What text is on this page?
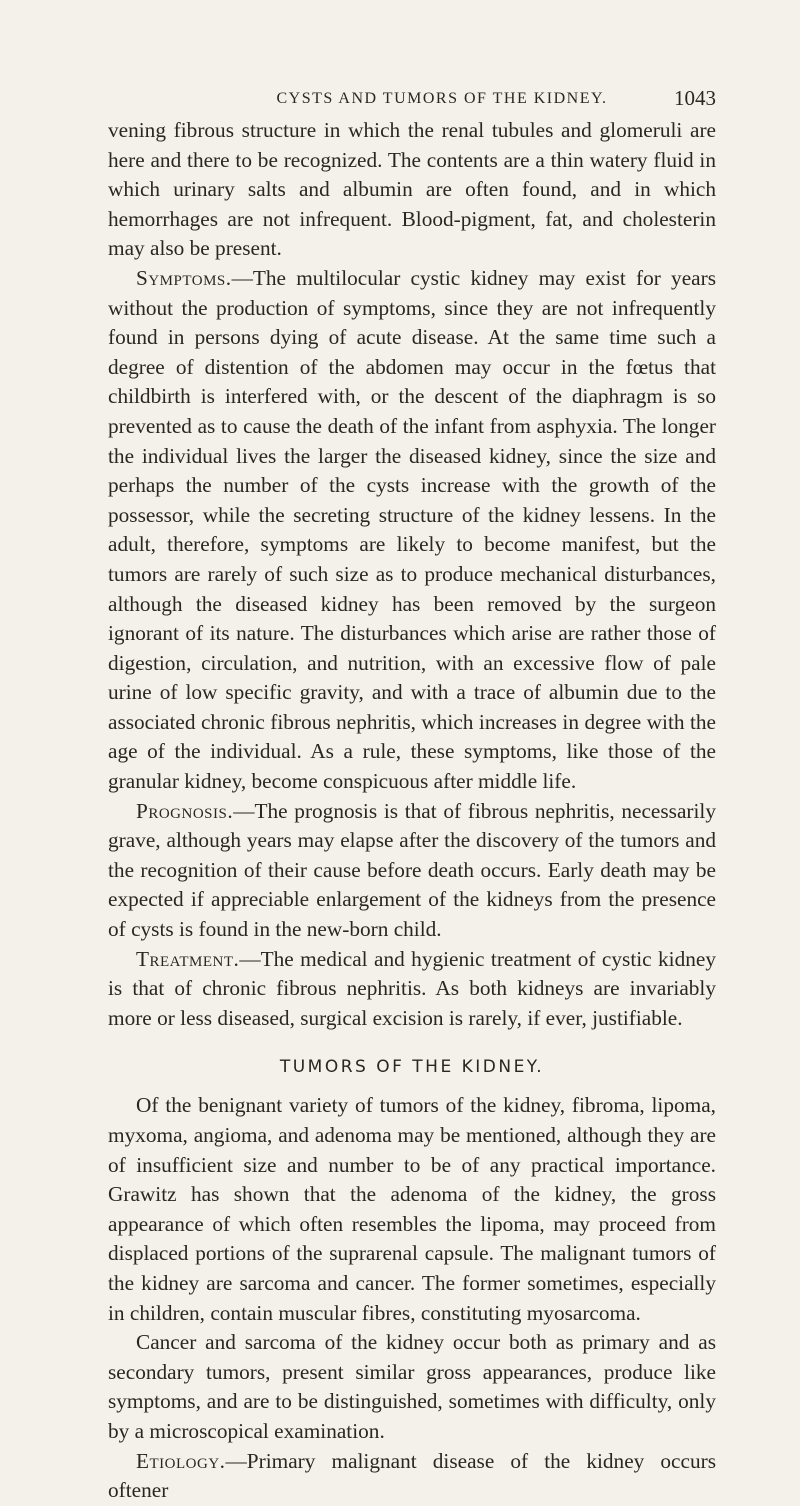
CYSTS AND TUMORS OF THE KIDNEY.	1043

vening fibrous structure in which the renal tubules and glomeruli are here and there to be recognized. The contents are a thin watery fluid in which urinary salts and albumin are often found, and in which hemorrhages are not infrequent. Blood-pigment, fat, and cholesterin may also be present.

Symptoms.—The multilocular cystic kidney may exist for years without the production of symptoms, since they are not infrequently found in persons dying of acute disease. At the same time such a degree of distention of the abdomen may occur in the fœtus that childbirth is interfered with, or the descent of the diaphragm is so prevented as to cause the death of the infant from asphyxia. The longer the individual lives the larger the diseased kidney, since the size and perhaps the number of the cysts increase with the growth of the possessor, while the secreting structure of the kidney lessens. In the adult, therefore, symptoms are likely to become manifest, but the tumors are rarely of such size as to produce mechanical disturbances, although the diseased kidney has been removed by the surgeon ignorant of its nature. The disturbances which arise are rather those of digestion, circulation, and nutrition, with an excessive flow of pale urine of low specific gravity, and with a trace of albumin due to the associated chronic fibrous nephritis, which increases in degree with the age of the individual. As a rule, these symptoms, like those of the granular kidney, become conspicuous after middle life.

Prognosis.—The prognosis is that of fibrous nephritis, necessarily grave, although years may elapse after the discovery of the tumors and the recognition of their cause before death occurs. Early death may be expected if appreciable enlargement of the kidneys from the presence of cysts is found in the new-born child.

Treatment.—The medical and hygienic treatment of cystic kidney is that of chronic fibrous nephritis. As both kidneys are invariably more or less diseased, surgical excision is rarely, if ever, justifiable.

TUMORS OF THE KIDNEY.

Of the benignant variety of tumors of the kidney, fibroma, lipoma, myxoma, angioma, and adenoma may be mentioned, although they are of insufficient size and number to be of any practical importance. Grawitz has shown that the adenoma of the kidney, the gross appearance of which often resembles the lipoma, may proceed from displaced portions of the suprarenal capsule. The malignant tumors of the kidney are sarcoma and cancer. The former sometimes, especially in children, contain muscular fibres, constituting myosarcoma.

Cancer and sarcoma of the kidney occur both as primary and as secondary tumors, present similar gross appearances, produce like symptoms, and are to be distinguished, sometimes with difficulty, only by a microscopical examination.

Etiology.—Primary malignant disease of the kidney occurs oftener
